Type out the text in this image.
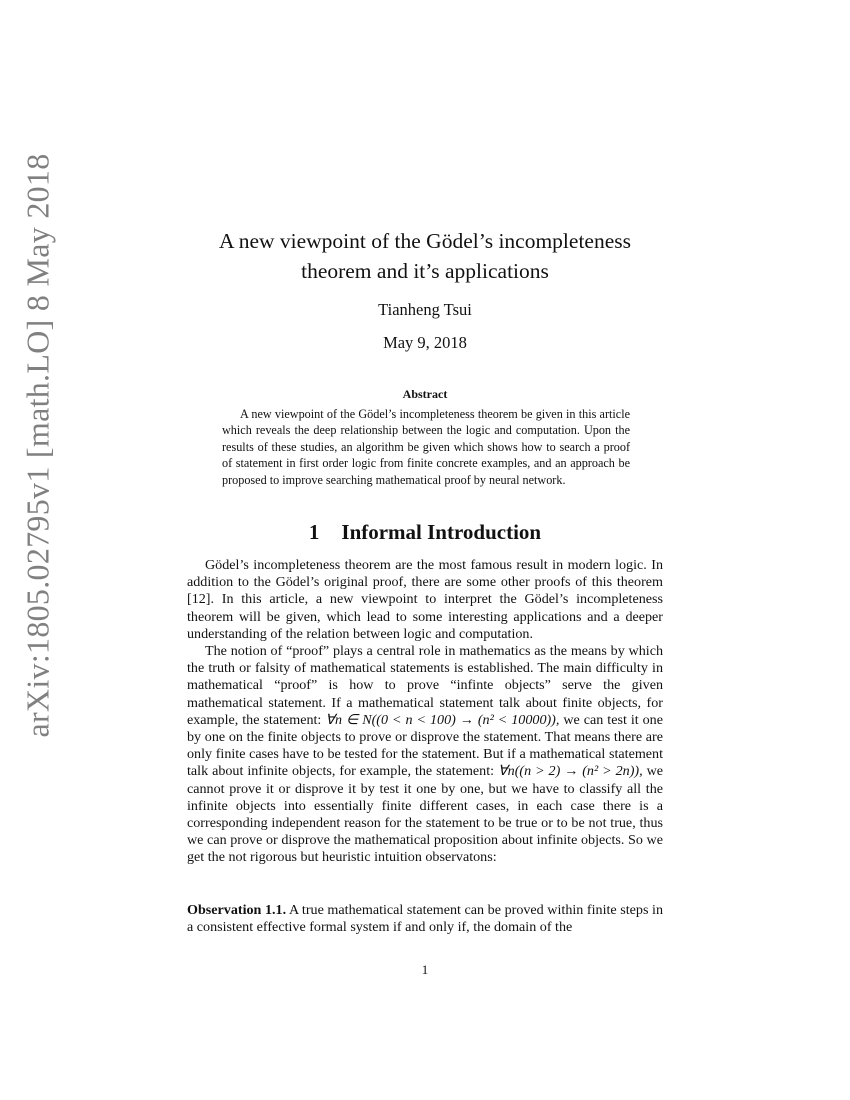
arXiv:1805.02795v1 [math.LO] 8 May 2018	A new viewpoint of the Gödel’s incompleteness
theorem and it’s applications
Tianheng Tsui
May 9, 2018
Abstract

A new viewpoint of the Gödel’s incompleteness theorem be given in this article which reveals the deep relationship between the logic and computation. Upon the results of these studies, an algorithm be given which shows how to search a proof of statement in first order logic from finite concrete examples, and an approach be proposed to improve searching mathematical proof by neural network.

1 Informal Introduction

Gödel’s incompleteness theorem are the most famous result in modern logic. In addition to the Gödel’s original proof, there are some other proofs of this theorem [12]. In this article, a new viewpoint to interpret the Gödel’s incompleteness theorem will be given, which lead to some interesting applications and a deeper understanding of the relation between logic and computation.

The notion of “proof” plays a central role in mathematics as the means by which the truth or falsity of mathematical statements is established. The main difficulty in mathematical “proof” is how to prove “infinte objects” serve the given mathematical statement. If a mathematical statement talk about finite objects, for example, the statement: ∀n ∈ N((0 < n < 100) → (n² < 10000)), we can test it one by one on the finite objects to prove or disprove the statement. That means there are only finite cases have to be tested for the statement. But if a mathematical statement talk about infinite objects, for example, the statement: ∀n((n > 2) → (n² > 2n)), we cannot prove it or disprove it by test it one by one, but we have to classify all the infinite objects into essentially finite different cases, in each case there is a corresponding independent reason for the statement to be true or to be not true, thus we can prove or disprove the mathematical proposition about infinite objects. So we get the not rigorous but heuristic intuition observatons:

Observation 1.1. A true mathematical statement can be proved within finite steps in a consistent effective formal system if and only if, the domain of the

1
